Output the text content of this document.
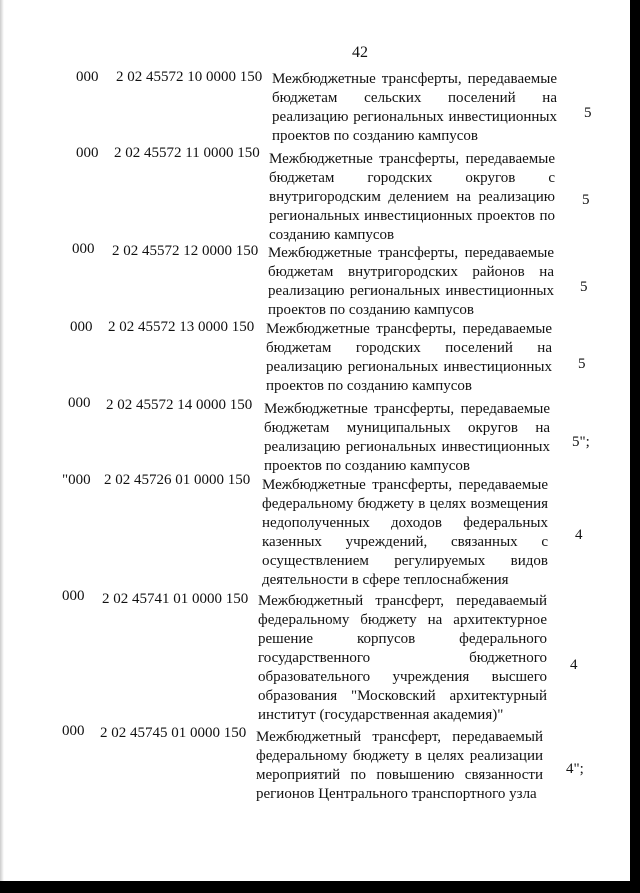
42
000 2 02 45572 10 0000 150 Межбюджетные трансферты, передаваемые бюджетам сельских поселений на реализацию региональных инвестиционных проектов по созданию кампусов
5
000 2 02 45572 11 0000 150 Межбюджетные трансферты, передаваемые бюджетам городских округов с внутригородским делением на реализацию региональных инвестиционных проектов по созданию кампусов
5
000 2 02 45572 12 0000 150 Межбюджетные трансферты, передаваемые бюджетам внутригородских районов на реализацию региональных инвестиционных проектов по созданию кампусов
5
000 2 02 45572 13 0000 150 Межбюджетные трансферты, передаваемые бюджетам городских поселений на реализацию региональных инвестиционных проектов по созданию кампусов
5
000 2 02 45572 14 0000 150 Межбюджетные трансферты, передаваемые бюджетам муниципальных округов на реализацию региональных инвестиционных проектов по созданию кампусов
5";
"000 2 02 45726 01 0000 150 Межбюджетные трансферты, передаваемые федеральному бюджету в целях возмещения недополученных доходов федеральных казенных учреждений, связанных с осуществлением регулируемых видов деятельности в сфере теплоснабжения
4
000 2 02 45741 01 0000 150 Межбюджетный трансферт, передаваемый федеральному бюджету на архитектурное решение корпусов федерального государственного бюджетного образовательного учреждения высшего образования "Московский архитектурный институт (государственная академия)"
4
000 2 02 45745 01 0000 150 Межбюджетный трансферт, передаваемый федеральному бюджету в целях реализации мероприятий по повышению связанности регионов Центрального транспортного узла
4";
